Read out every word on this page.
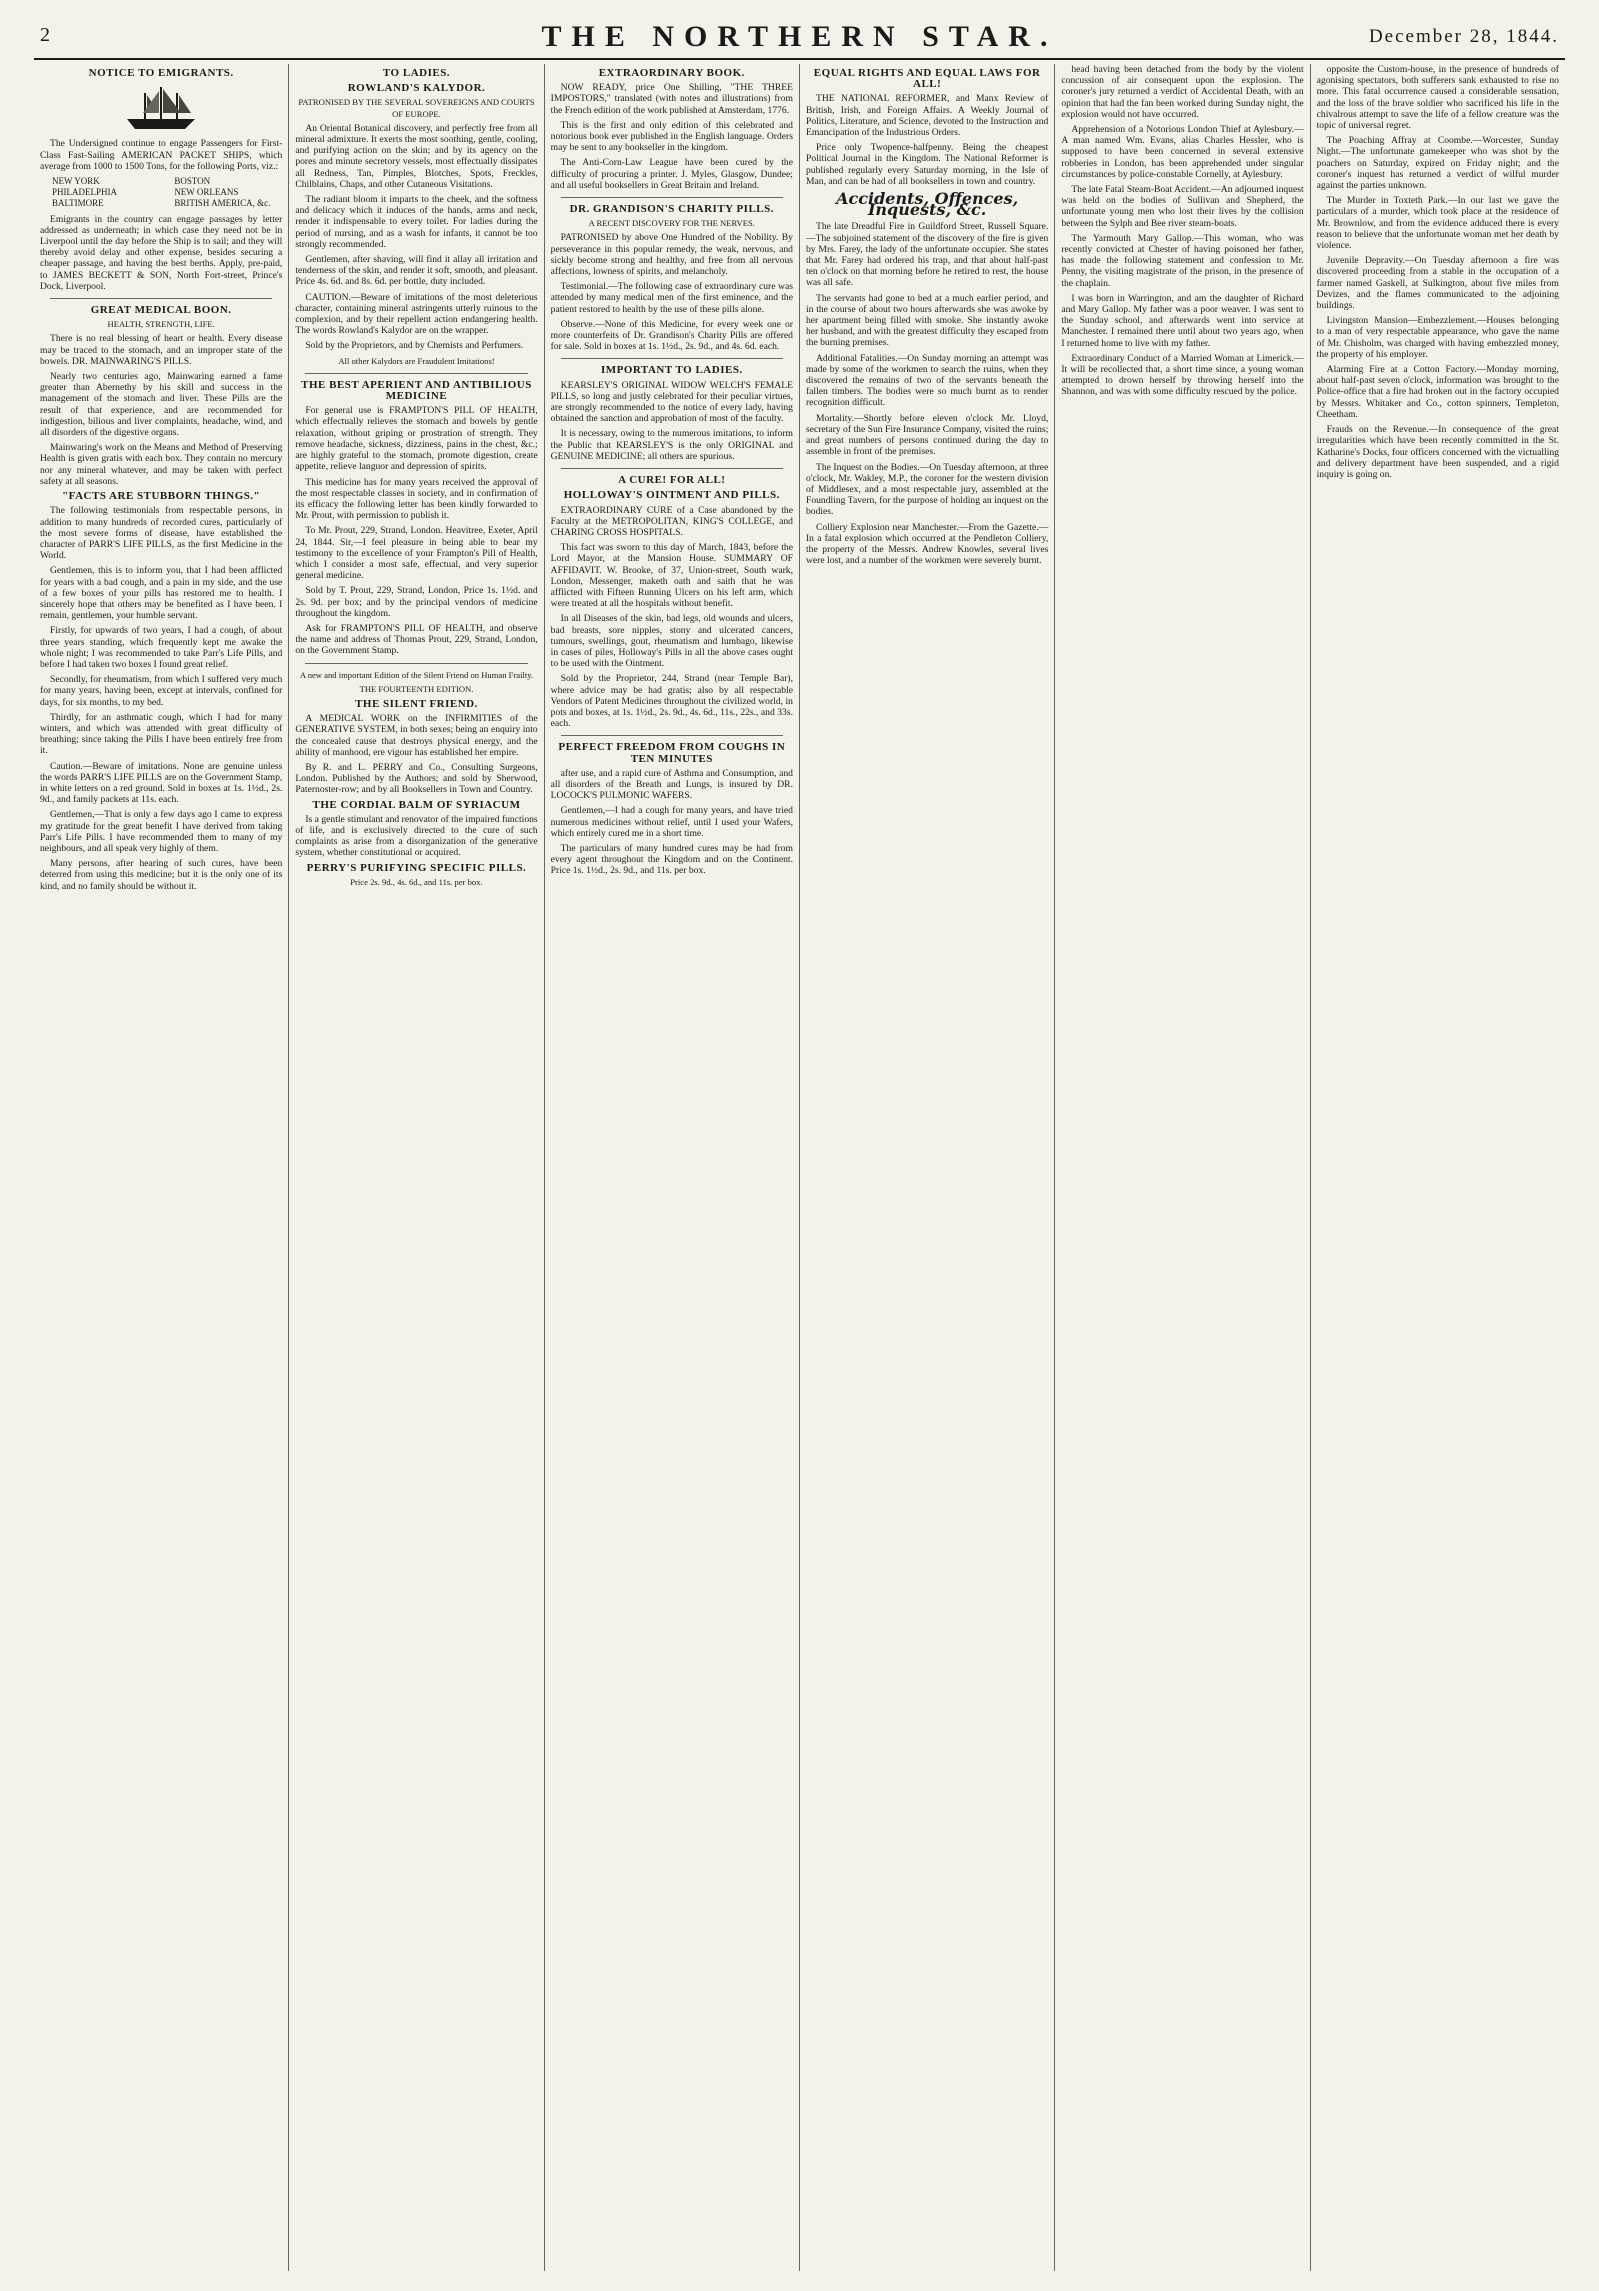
2	THE NORTHERN STAR.	December 28, 1844.
NOTICE TO EMIGRANTS.

The Undersigned continue to engage Passengers for First-Class Fast-Sailing AMERICAN PACKET SHIPS, which average from 1000 to 1500 Tons, for the following Ports, viz.:

NEW YORK
PHILADELPHIA
BALTIMORE
BOSTON
NEW ORLEANS
BRITISH AMERICA, &c.

Emigrants in the country can engage passages by letter addressed as underneath; in which case they need not be in Liverpool until the day before the Ship is to sail; and they will thereby avoid delay and other expense, besides securing a cheaper passage, and having the best berths. Apply, pre-paid, to JAMES BECKETT & SON, North Fort-street, Prince's Dock, Liverpool.

GREAT MEDICAL BOON.
HEALTH, STRENGTH, LIFE.

There is no real blessing of heart or health. Every disease may be traced to the stomach, and an improper state of the bowels. DR. MAINWARING'S PILLS.

Nearly two centuries ago, Mainwaring earned a fame greater than Abernethy by his skill and success in the management of the stomach and liver. These Pills are the result of that experience, and are recommended for indigestion, bilious and liver complaints, headache, wind, and all disorders of the digestive organs.

Mainwaring's work on the Means and Method of Preserving Health is given gratis with each box. They contain no mercury nor any mineral whatever, and may be taken with perfect safety at all seasons.

"FACTS ARE STUBBORN THINGS."

The following testimonials from respectable persons, in addition to many hundreds of recorded cures, particularly of the most severe forms of disease, have established the character of PARR'S LIFE PILLS, as the first Medicine in the World.

Gentlemen, this is to inform you, that I had been afflicted for years with a bad cough, and a pain in my side, and the use of a few boxes of your pills has restored me to health. I sincerely hope that others may be benefited as I have been. I remain, gentlemen, your humble servant.

Firstly, for upwards of two years, I had a cough, of about three years standing, which frequently kept me awake the whole night; I was recommended to take Parr's Life Pills, and before I had taken two boxes I found great relief.

Secondly, for rheumatism, from which I suffered very much for many years, having been, except at intervals, confined for days, for six months, to my bed.

Thirdly, for an asthmatic cough, which I had for many winters, and which was attended with great difficulty of breathing; since taking the Pills I have been entirely free from it.

Caution.—Beware of imitations. None are genuine unless the words PARR'S LIFE PILLS are on the Government Stamp, in white letters on a red ground. Sold in boxes at 1s. 1½d., 2s. 9d., and family packets at 11s. each.

Gentlemen,—That is only a few days ago I came to express my gratitude for the great benefit I have derived from taking Parr's Life Pills. I have recommended them to many of my neighbours, and all speak very highly of them.

Many persons, after hearing of such cures, have been deterred from using this medicine; but it is the only one of its kind, and no family should be without it.

TO LADIES.
ROWLAND'S KALYDOR.
PATRONISED BY THE SEVERAL SOVEREIGNS AND COURTS OF EUROPE.

An Oriental Botanical discovery, and perfectly free from all mineral admixture. It exerts the most soothing, gentle, cooling, and purifying action on the skin; and by its agency on the pores and minute secretory vessels, most effectually dissipates all Redness, Tan, Pimples, Blotches, Spots, Freckles, Chilblains, Chaps, and other Cutaneous Visitations.

The radiant bloom it imparts to the cheek, and the softness and delicacy which it induces of the hands, arms and neck, render it indispensable to every toilet. For ladies during the period of nursing, and as a wash for infants, it cannot be too strongly recommended.

Gentlemen, after shaving, will find it allay all irritation and tenderness of the skin, and render it soft, smooth, and pleasant. Price 4s. 6d. and 8s. 6d. per bottle, duty included.

CAUTION.—Beware of imitations of the most deleterious character, containing mineral astringents utterly ruinous to the complexion, and by their repellent action endangering health. The words Rowland's Kalydor are on the wrapper.

Sold by the Proprietors, and by Chemists and Perfumers.

All other Kalydors are Fraudulent Imitations!
THE BEST APERIENT AND ANTIBILIOUS MEDICINE

For general use is FRAMPTON'S PILL OF HEALTH, which effectually relieves the stomach and bowels by gentle relaxation, without griping or prostration of strength. They remove headache, sickness, dizziness, pains in the chest, &c.; are highly grateful to the stomach, promote digestion, create appetite, relieve languor and depression of spirits.

This medicine has for many years received the approval of the most respectable classes in society, and in confirmation of its efficacy the following letter has been kindly forwarded to Mr. Prout, with permission to publish it.

To Mr. Prout, 229, Strand, London. Heavitree, Exeter, April 24, 1844. Sir,—I feel pleasure in being able to bear my testimony to the excellence of your Frampton's Pill of Health, which I consider a most safe, effectual, and very superior general medicine.

Sold by T. Prout, 229, Strand, London, Price 1s. 1½d. and 2s. 9d. per box; and by the principal vendors of medicine throughout the kingdom.

Ask for FRAMPTON'S PILL OF HEALTH, and observe the name and address of Thomas Prout, 229, Strand, London, on the Government Stamp.

A new and important Edition of the Silent Friend on Human Frailty.
THE FOURTEENTH EDITION.
THE SILENT FRIEND.

A MEDICAL WORK on the INFIRMITIES of the GENERATIVE SYSTEM, in both sexes; being an enquiry into the concealed cause that destroys physical energy, and the ability of manhood, ere vigour has established her empire.

By R. and L. PERRY and Co., Consulting Surgeons, London. Published by the Authors; and sold by Sherwood, Paternoster-row; and by all Booksellers in Town and Country.

THE CORDIAL BALM OF SYRIACUM

Is a gentle stimulant and renovator of the impaired functions of life, and is exclusively directed to the cure of such complaints as arise from a disorganization of the generative system, whether constitutional or acquired.

PERRY'S PURIFYING SPECIFIC PILLS.
Price 2s. 9d., 4s. 6d., and 11s. per box.
EXTRAORDINARY BOOK.

NOW READY, price One Shilling, "THE THREE IMPOSTORS," translated (with notes and illustrations) from the French edition of the work published at Amsterdam, 1776.

This is the first and only edition of this celebrated and notorious book ever published in the English language. Orders may be sent to any bookseller in the kingdom.

The Anti-Corn-Law League have been cured by the difficulty of procuring a printer. J. Myles, Glasgow, Dundee; and all useful booksellers in Great Britain and Ireland.

DR. GRANDISON'S CHARITY PILLS.
A RECENT DISCOVERY FOR THE NERVES.

PATRONISED by above One Hundred of the Nobility. By perseverance in this popular remedy, the weak, nervous, and sickly become strong and healthy, and free from all nervous affections, lowness of spirits, and melancholy.

Testimonial.—The following case of extraordinary cure was attended by many medical men of the first eminence, and the patient restored to health by the use of these pills alone.

Observe.—None of this Medicine, for every week one or more counterfeits of Dr. Grandison's Charity Pills are offered for sale. Sold in boxes at 1s. 1½d., 2s. 9d., and 4s. 6d. each.

IMPORTANT TO LADIES.

KEARSLEY'S ORIGINAL WIDOW WELCH'S FEMALE PILLS, so long and justly celebrated for their peculiar virtues, are strongly recommended to the notice of every lady, having obtained the sanction and approbation of most of the faculty.

It is necessary, owing to the numerous imitations, to inform the Public that KEARSLEY'S is the only ORIGINAL and GENUINE MEDICINE; all others are spurious.

A CURE! FOR ALL!
HOLLOWAY'S OINTMENT AND PILLS.

EXTRAORDINARY CURE of a Case abandoned by the Faculty at the METROPOLITAN, KING'S COLLEGE, and CHARING CROSS HOSPITALS.

This fact was sworn to this day of March, 1843, before the Lord Mayor, at the Mansion House. SUMMARY OF AFFIDAVIT. W. Brooke, of 37, Union-street, South wark, London, Messenger, maketh oath and saith that he was afflicted with Fifteen Running Ulcers on his left arm, which were treated at all the hospitals without benefit.

In all Diseases of the skin, bad legs, old wounds and ulcers, bad breasts, sore nipples, stony and ulcerated cancers, tumours, swellings, gout, rheumatism and lumbago, likewise in cases of piles, Holloway's Pills in all the above cases ought to be used with the Ointment.

Sold by the Proprietor, 244, Strand (near Temple Bar), where advice may be had gratis; also by all respectable Vendors of Patent Medicines throughout the civilized world, in pots and boxes, at 1s. 1½d., 2s. 9d., 4s. 6d., 11s., 22s., and 33s. each.

PERFECT FREEDOM FROM COUGHS IN TEN MINUTES

after use, and a rapid cure of Asthma and Consumption, and all disorders of the Breath and Lungs, is insured by DR. LOCOCK'S PULMONIC WAFERS.

Gentlemen,—I had a cough for many years, and have tried numerous medicines without relief, until I used your Wafers, which entirely cured me in a short time.

The particulars of many hundred cures may be had from every agent throughout the Kingdom and on the Continent. Price 1s. 1½d., 2s. 9d., and 11s. per box.

EQUAL RIGHTS AND EQUAL LAWS FOR ALL!

THE NATIONAL REFORMER, and Manx Review of British, Irish, and Foreign Affairs. A Weekly Journal of Politics, Literature, and Science, devoted to the Instruction and Emancipation of the Industrious Orders.

Price only Twopence-halfpenny. Being the cheapest Political Journal in the Kingdom. The National Reformer is published regularly every Saturday morning, in the Isle of Man, and can be had of all booksellers in town and country.

Accidents, Offences, Inquests, &c.

The late Dreadful Fire in Guildford Street, Russell Square.—The subjoined statement of the discovery of the fire is given by Mrs. Farey, the lady of the unfortunate occupier. She states that Mr. Farey had ordered his trap, and that about half-past ten o'clock on that morning before he retired to rest, the house was all safe.

The servants had gone to bed at a much earlier period, and in the course of about two hours afterwards she was awoke by her apartment being filled with smoke. She instantly awoke her husband, and with the greatest difficulty they escaped from the burning premises.

Additional Fatalities.—On Sunday morning an attempt was made by some of the workmen to search the ruins, when they discovered the remains of two of the servants beneath the fallen timbers. The bodies were so much burnt as to render recognition difficult.

Mortality.—Shortly before eleven o'clock Mr. Lloyd, secretary of the Sun Fire Insurance Company, visited the ruins; and great numbers of persons continued during the day to assemble in front of the premises.

The Inquest on the Bodies.—On Tuesday afternoon, at three o'clock, Mr. Wakley, M.P., the coroner for the western division of Middlesex, and a most respectable jury, assembled at the Foundling Tavern, for the purpose of holding an inquest on the bodies.

Colliery Explosion near Manchester.—From the Gazette.—In a fatal explosion which occurred at the Pendleton Colliery, the property of the Messrs. Andrew Knowles, several lives were lost, and a number of the workmen were severely burnt.

head having been detached from the body by the violent concussion of air consequent upon the explosion. The coroner's jury returned a verdict of Accidental Death, with an opinion that had the fan been worked during Sunday night, the explosion would not have occurred.

Apprehension of a Notorious London Thief at Aylesbury.—A man named Wm. Evans, alias Charles Hessler, who is supposed to have been concerned in several extensive robberies in London, has been apprehended under singular circumstances by police-constable Cornelly, at Aylesbury.

The late Fatal Steam-Boat Accident.—An adjourned inquest was held on the bodies of Sullivan and Shepherd, the unfortunate young men who lost their lives by the collision between the Sylph and Bee river steam-boats.

The Yarmouth Mary Gallop.—This woman, who was recently convicted at Chester of having poisoned her father, has made the following statement and confession to Mr. Penny, the visiting magistrate of the prison, in the presence of the chaplain.

I was born in Warrington, and am the daughter of Richard and Mary Gallop. My father was a poor weaver. I was sent to the Sunday school, and afterwards went into service at Manchester. I remained there until about two years ago, when I returned home to live with my father.

Extraordinary Conduct of a Married Woman at Limerick.—It will be recollected that, a short time since, a young woman attempted to drown herself by throwing herself into the Shannon, and was with some difficulty rescued by the police.

opposite the Custom-house, in the presence of hundreds of agonising spectators, both sufferers sank exhausted to rise no more. This fatal occurrence caused a considerable sensation, and the loss of the brave soldier who sacrificed his life in the chivalrous attempt to save the life of a fellow creature was the topic of universal regret.

The Poaching Affray at Coombe.—Worcester, Sunday Night.—The unfortunate gamekeeper who was shot by the poachers on Saturday, expired on Friday night; and the coroner's inquest has returned a verdict of wilful murder against the parties unknown.

The Murder in Toxteth Park.—In our last we gave the particulars of a murder, which took place at the residence of Mr. Brownlow, and from the evidence adduced there is every reason to believe that the unfortunate woman met her death by violence.

Juvenile Depravity.—On Tuesday afternoon a fire was discovered proceeding from a stable in the occupation of a farmer named Gaskell, at Sulkington, about five miles from Devizes, and the flames communicated to the adjoining buildings.

Livingston Mansion—Embezzlement.—Houses belonging to a man of very respectable appearance, who gave the name of Mr. Chisholm, was charged with having embezzled money, the property of his employer.

Alarming Fire at a Cotton Factory.—Monday morning, about half-past seven o'clock, information was brought to the Police-office that a fire had broken out in the factory occupied by Messrs. Whitaker and Co., cotton spinners, Templeton, Cheetham.

Frauds on the Revenue.—In consequence of the great irregularities which have been recently committed in the St. Katharine's Docks, four officers concerned with the victualling and delivery department have been suspended, and a rigid inquiry is going on.
